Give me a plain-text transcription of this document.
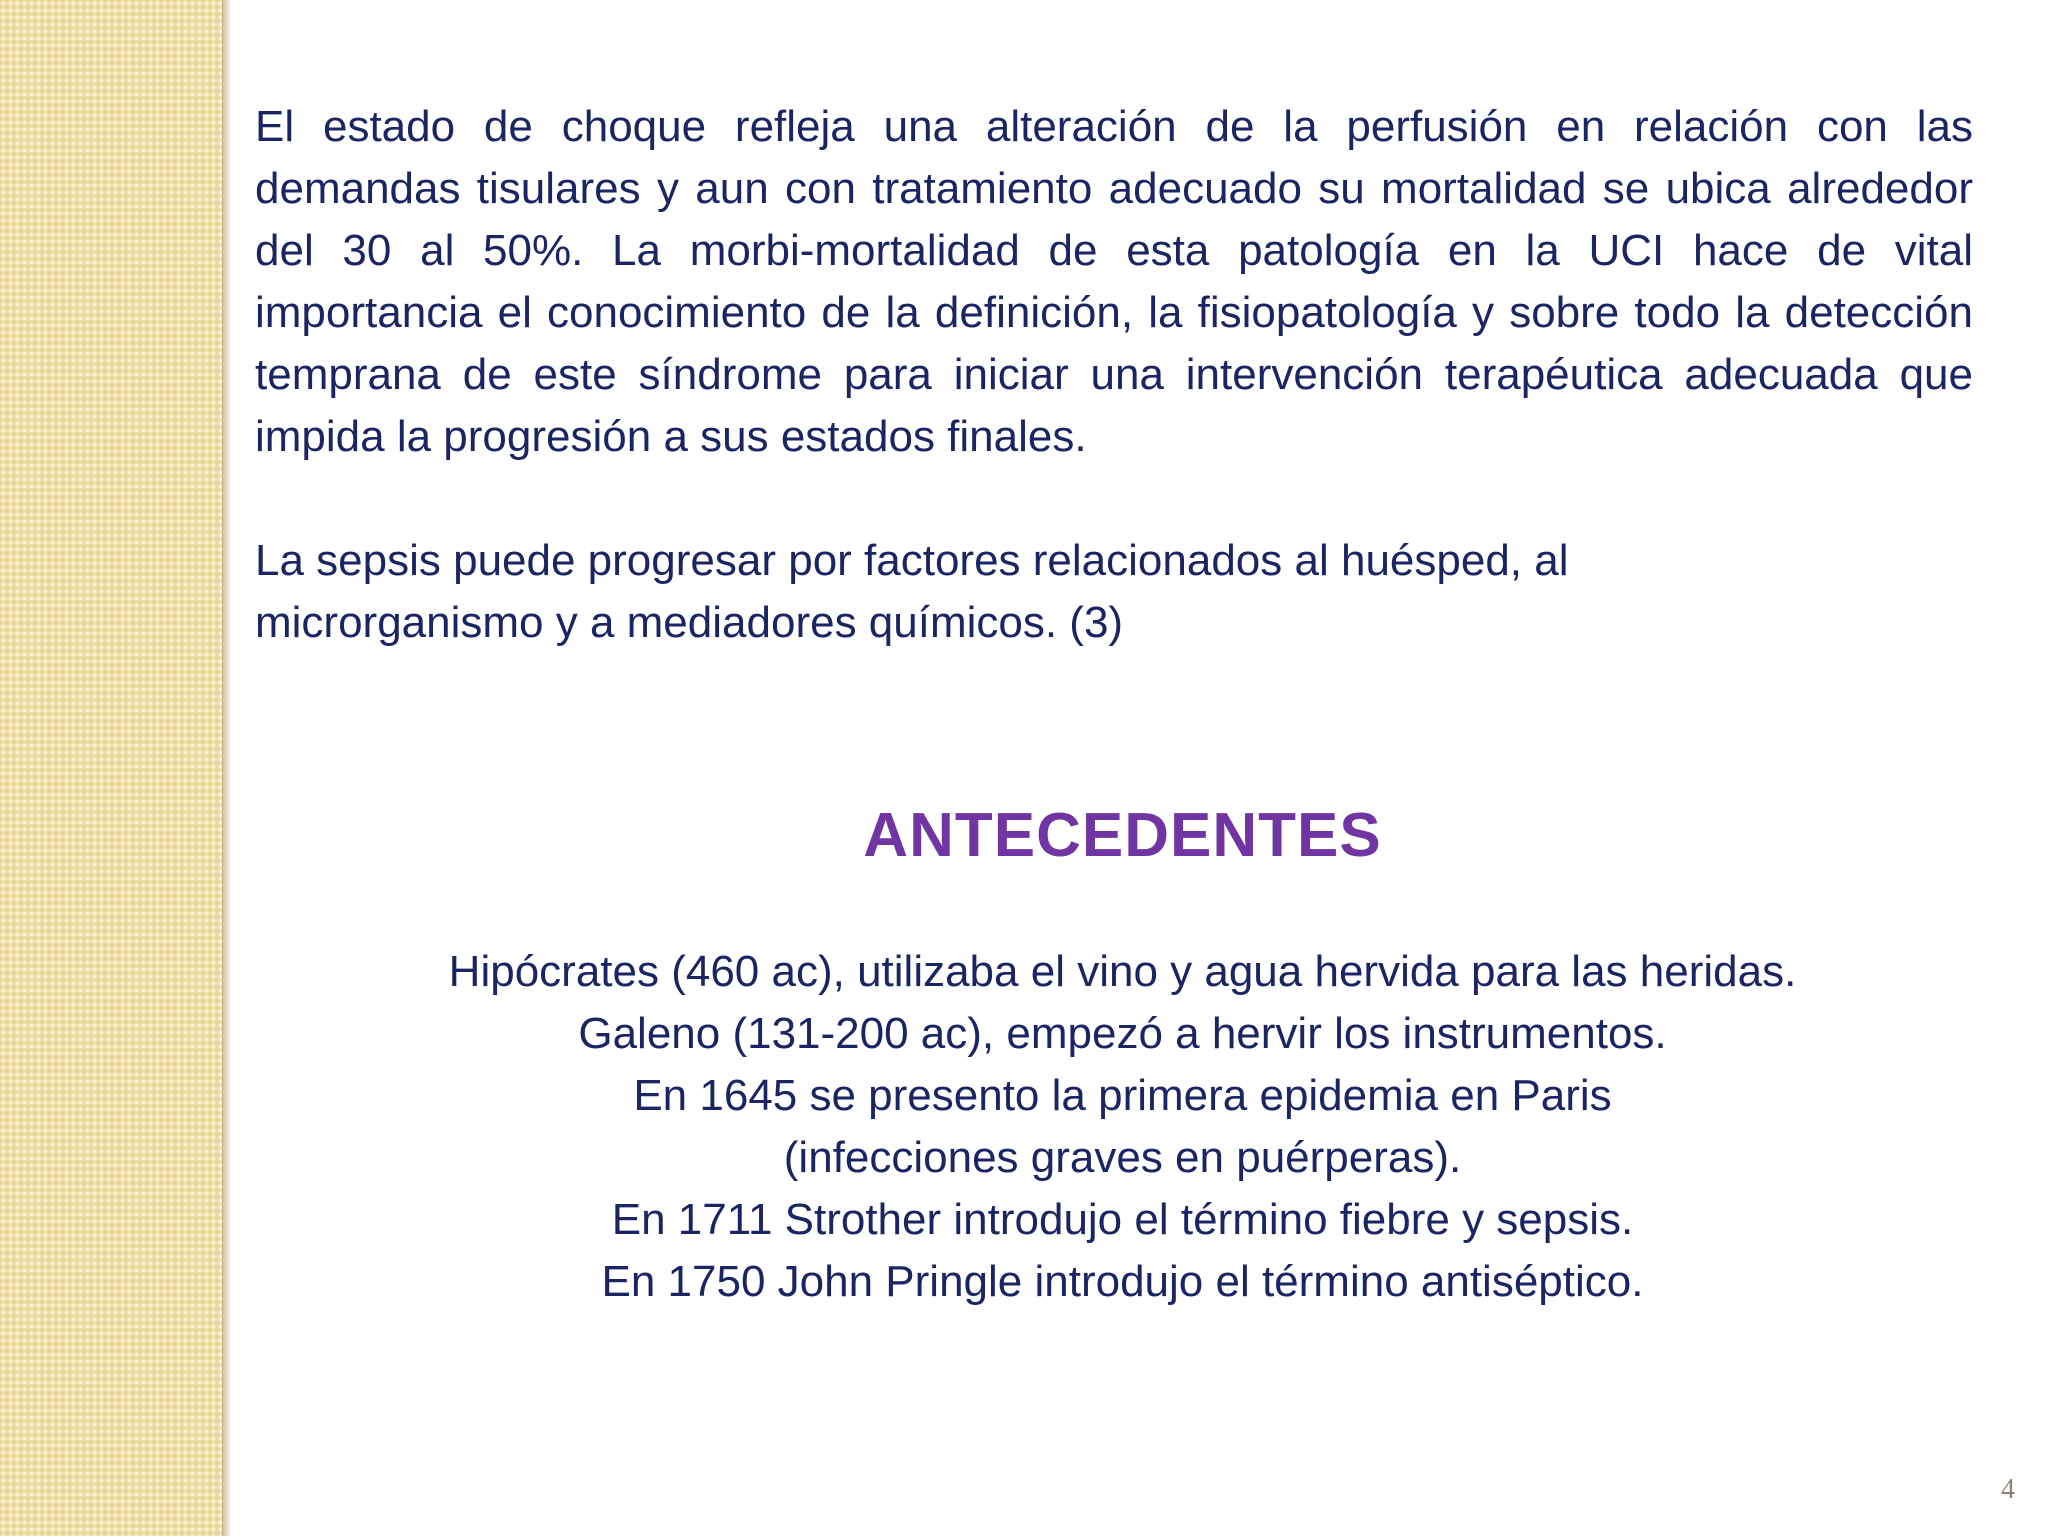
El estado de choque refleja una alteración de la perfusión en relación con las demandas tisulares y aun con tratamiento adecuado su mortalidad se ubica alrededor del 30 al 50%. La morbi-mortalidad de esta patología en la UCI hace de vital importancia el conocimiento de la definición, la fisiopatología y sobre todo la detección temprana de este síndrome para iniciar una intervención terapéutica adecuada que impida la progresión a sus estados finales.

La sepsis puede progresar por factores relacionados al huésped, al
microrganismo y a mediadores químicos. (3)

ANTECEDENTES
Hipócrates (460 ac), utilizaba el vino y agua hervida para las heridas.
Galeno (131-200 ac), empezó a hervir los instrumentos.
En 1645 se presento la primera epidemia en Paris
(infecciones graves en puérperas).
En 1711 Strother introdujo el término fiebre y sepsis.
En 1750 John Pringle introdujo el término antiséptico.
4
